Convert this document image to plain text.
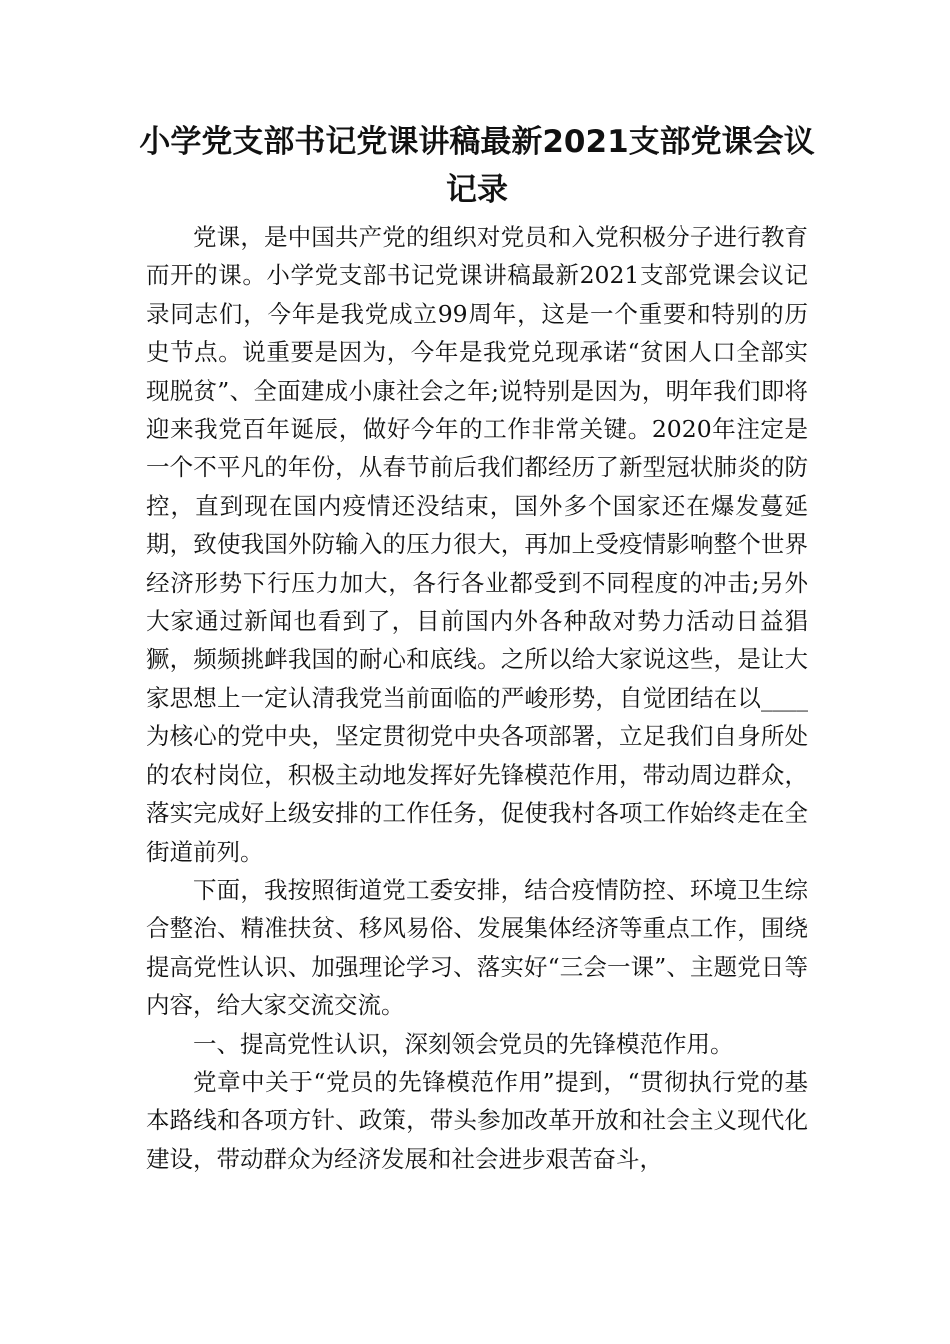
小学党支部书记党课讲稿最新2021支部党课会议记录

党课，是中国共产党的组织对党员和入党积极分子进行教育而开的课。小学党支部书记党课讲稿最新2021支部党课会议记录同志们，今年是我党成立99周年，这是一个重要和特别的历史节点。说重要是因为，今年是我党兑现承诺“贫困人口全部实现脱贫”、全面建成小康社会之年;说特别是因为，明年我们即将迎来我党百年诞辰，做好今年的工作非常关键。2020年注定是一个不平凡的年份，从春节前后我们都经历了新型冠状肺炎的防控，直到现在国内疫情还没结束，国外多个国家还在爆发蔓延期，致使我国外防输入的压力很大，再加上受疫情影响整个世界经济形势下行压力加大，各行各业都受到不同程度的冲击;另外大家通过新闻也看到了，目前国内外各种敌对势力活动日益猖獗，频频挑衅我国的耐心和底线。之所以给大家说这些，是让大家思想上一定认清我党当前面临的严峻形势，自觉团结在以____为核心的党中央，坚定贯彻党中央各项部署，立足我们自身所处的农村岗位，积极主动地发挥好先锋模范作用，带动周边群众，落实完成好上级安排的工作任务，促使我村各项工作始终走在全街道前列。

下面，我按照街道党工委安排，结合疫情防控、环境卫生综合整治、精准扶贫、移风易俗、发展集体经济等重点工作，围绕提高党性认识、加强理论学习、落实好“三会一课”、主题党日等内容，给大家交流交流。

一、提高党性认识，深刻领会党员的先锋模范作用。

党章中关于“党员的先锋模范作用”提到，“贯彻执行党的基本路线和各项方针、政策，带头参加改革开放和社会主义现代化建设，带动群众为经济发展和社会进步艰苦奋斗，
